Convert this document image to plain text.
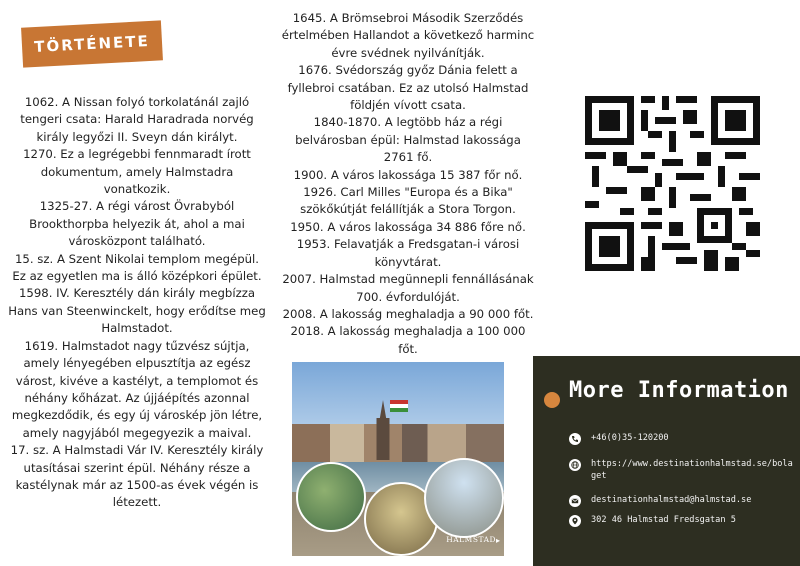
TÖRTÉNETE

1062. A Nissan folyó torkolatánál zajló tengeri csata: Harald Haradrada norvég király legyőzi II. Sveyn dán királyt.

1270. Ez a legrégebbi fennmaradt írott dokumentum, amely Halmstadra vonatkozik.

1325-27. A régi várost Övrabyból Brookthorpba helyezik át, ahol a mai városközpont található.

15. sz. A Szent Nikolai templom megépül. Ez az egyetlen ma is álló középkori épület.

1598. IV. Keresztély dán király megbízza Hans van Steenwinckelt, hogy erődítse meg Halmstadot.

1619. Halmstadot nagy tűzvész sújtja, amely lényegében elpusztítja az egész várost, kivéve a kastélyt, a templomot és néhány kőházat. Az újjáépítés azonnal megkezdődik, és egy új városkép jön létre, amely nagyjából megegyezik a maival.

17. sz. A Halmstadi Vár IV. Keresztély király utasításai szerint épül. Néhány része a kastélynak már az 1500-as évek végén is létezett.

1645. A Brömsebroi Második Szerződés értelmében Hallandot a következő harminc évre svédnek nyilvánítják.

1676. Svédország győz Dánia felett a fyllebroi csatában. Ez az utolsó Halmstad földjén vívott csata.

1840-1870. A legtöbb ház a régi belvárosban épül: Halmstad lakossága 2761 fő.

1900. A város lakossága 15 387 főr nő.

1926. Carl Milles "Europa és a Bika" szökőkútját felállítják a Stora Torgon.

1950. A város lakossága 34 886 főre nő.

1953. Felavatják a Fredsgatan-i városi könyvtárat.

2007. Halmstad megünnepli fennállásának 700. évfordulóját.

2008. A lakosság meghaladja a 90 000 főt.

2018. A lakosság meghaladja a 100 000 főt.

HALMSTAD ▸
More Information
+46(0)35-120200
https://www.destinationhalmstad.se/bolaget
destinationhalmstad@halmstad.se
302 46 Halmstad Fredsgatan 5
